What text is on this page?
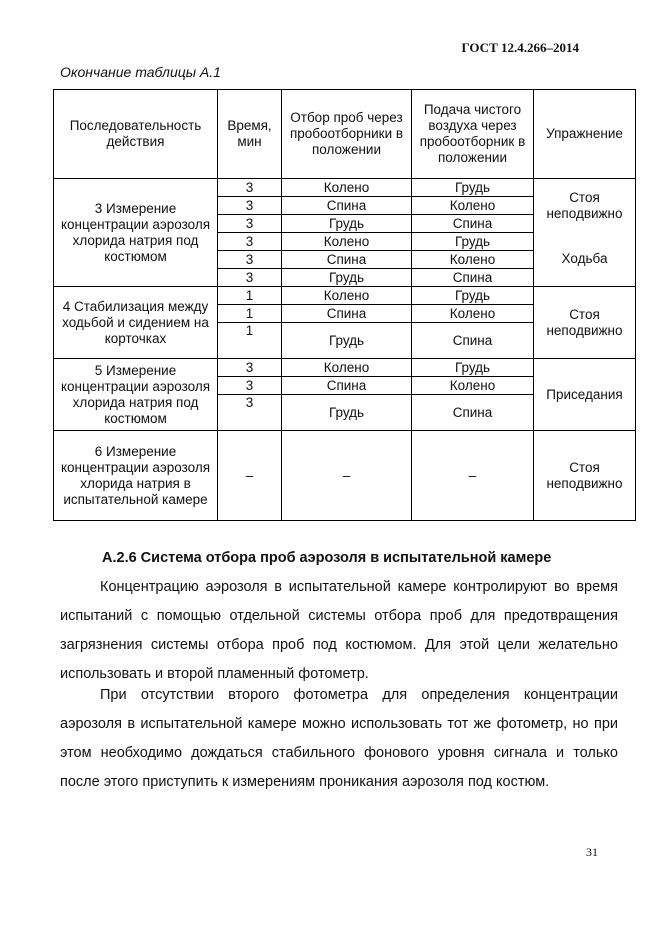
ГОСТ 12.4.266–2014
Окончание таблицы А.1
Последовательность действия	Время, мин	Отбор проб через пробоотборники в положении	Подача чистого воздуха через пробоотборник в положении	Упражнение
3 Измерение концентрации аэрозоля хлорида натрия под костюмом	3	Колено	Грудь	Стоя неподвижно
	3	Спина	Колено	
	3	Грудь	Спина	
	3	Колено	Грудь	Ходьба
	3	Спина	Колено	
	3	Грудь	Спина	
4 Стабилизация между ходьбой и сидением на корточках	1	Колено	Грудь	Стоя неподвижно
	1	Спина	Колено	
	1	Грудь	Спина	
5 Измерение концентрации аэрозоля хлорида натрия под костюмом	3	Колено	Грудь	Приседания
	3	Спина	Колено	
	3	Грудь	Спина	
6 Измерение концентрации аэрозоля хлорида натрия в испытательной камере	–	–	–	Стоя неподвижно
А.2.6 Система отбора проб аэрозоля в испытательной камере
Концентрацию аэрозоля в испытательной камере контролируют во время испытаний с помощью отдельной системы отбора проб для предотвращения загрязнения системы отбора проб под костюмом. Для этой цели желательно использовать и второй пламенный фотометр.
При отсутствии второго фотометра для определения концентрации аэрозоля в испытательной камере можно использовать тот же фотометр, но при этом необходимо дождаться стабильного фонового уровня сигнала и только после этого приступить к измерениям проникания аэрозоля под костюм.
31
